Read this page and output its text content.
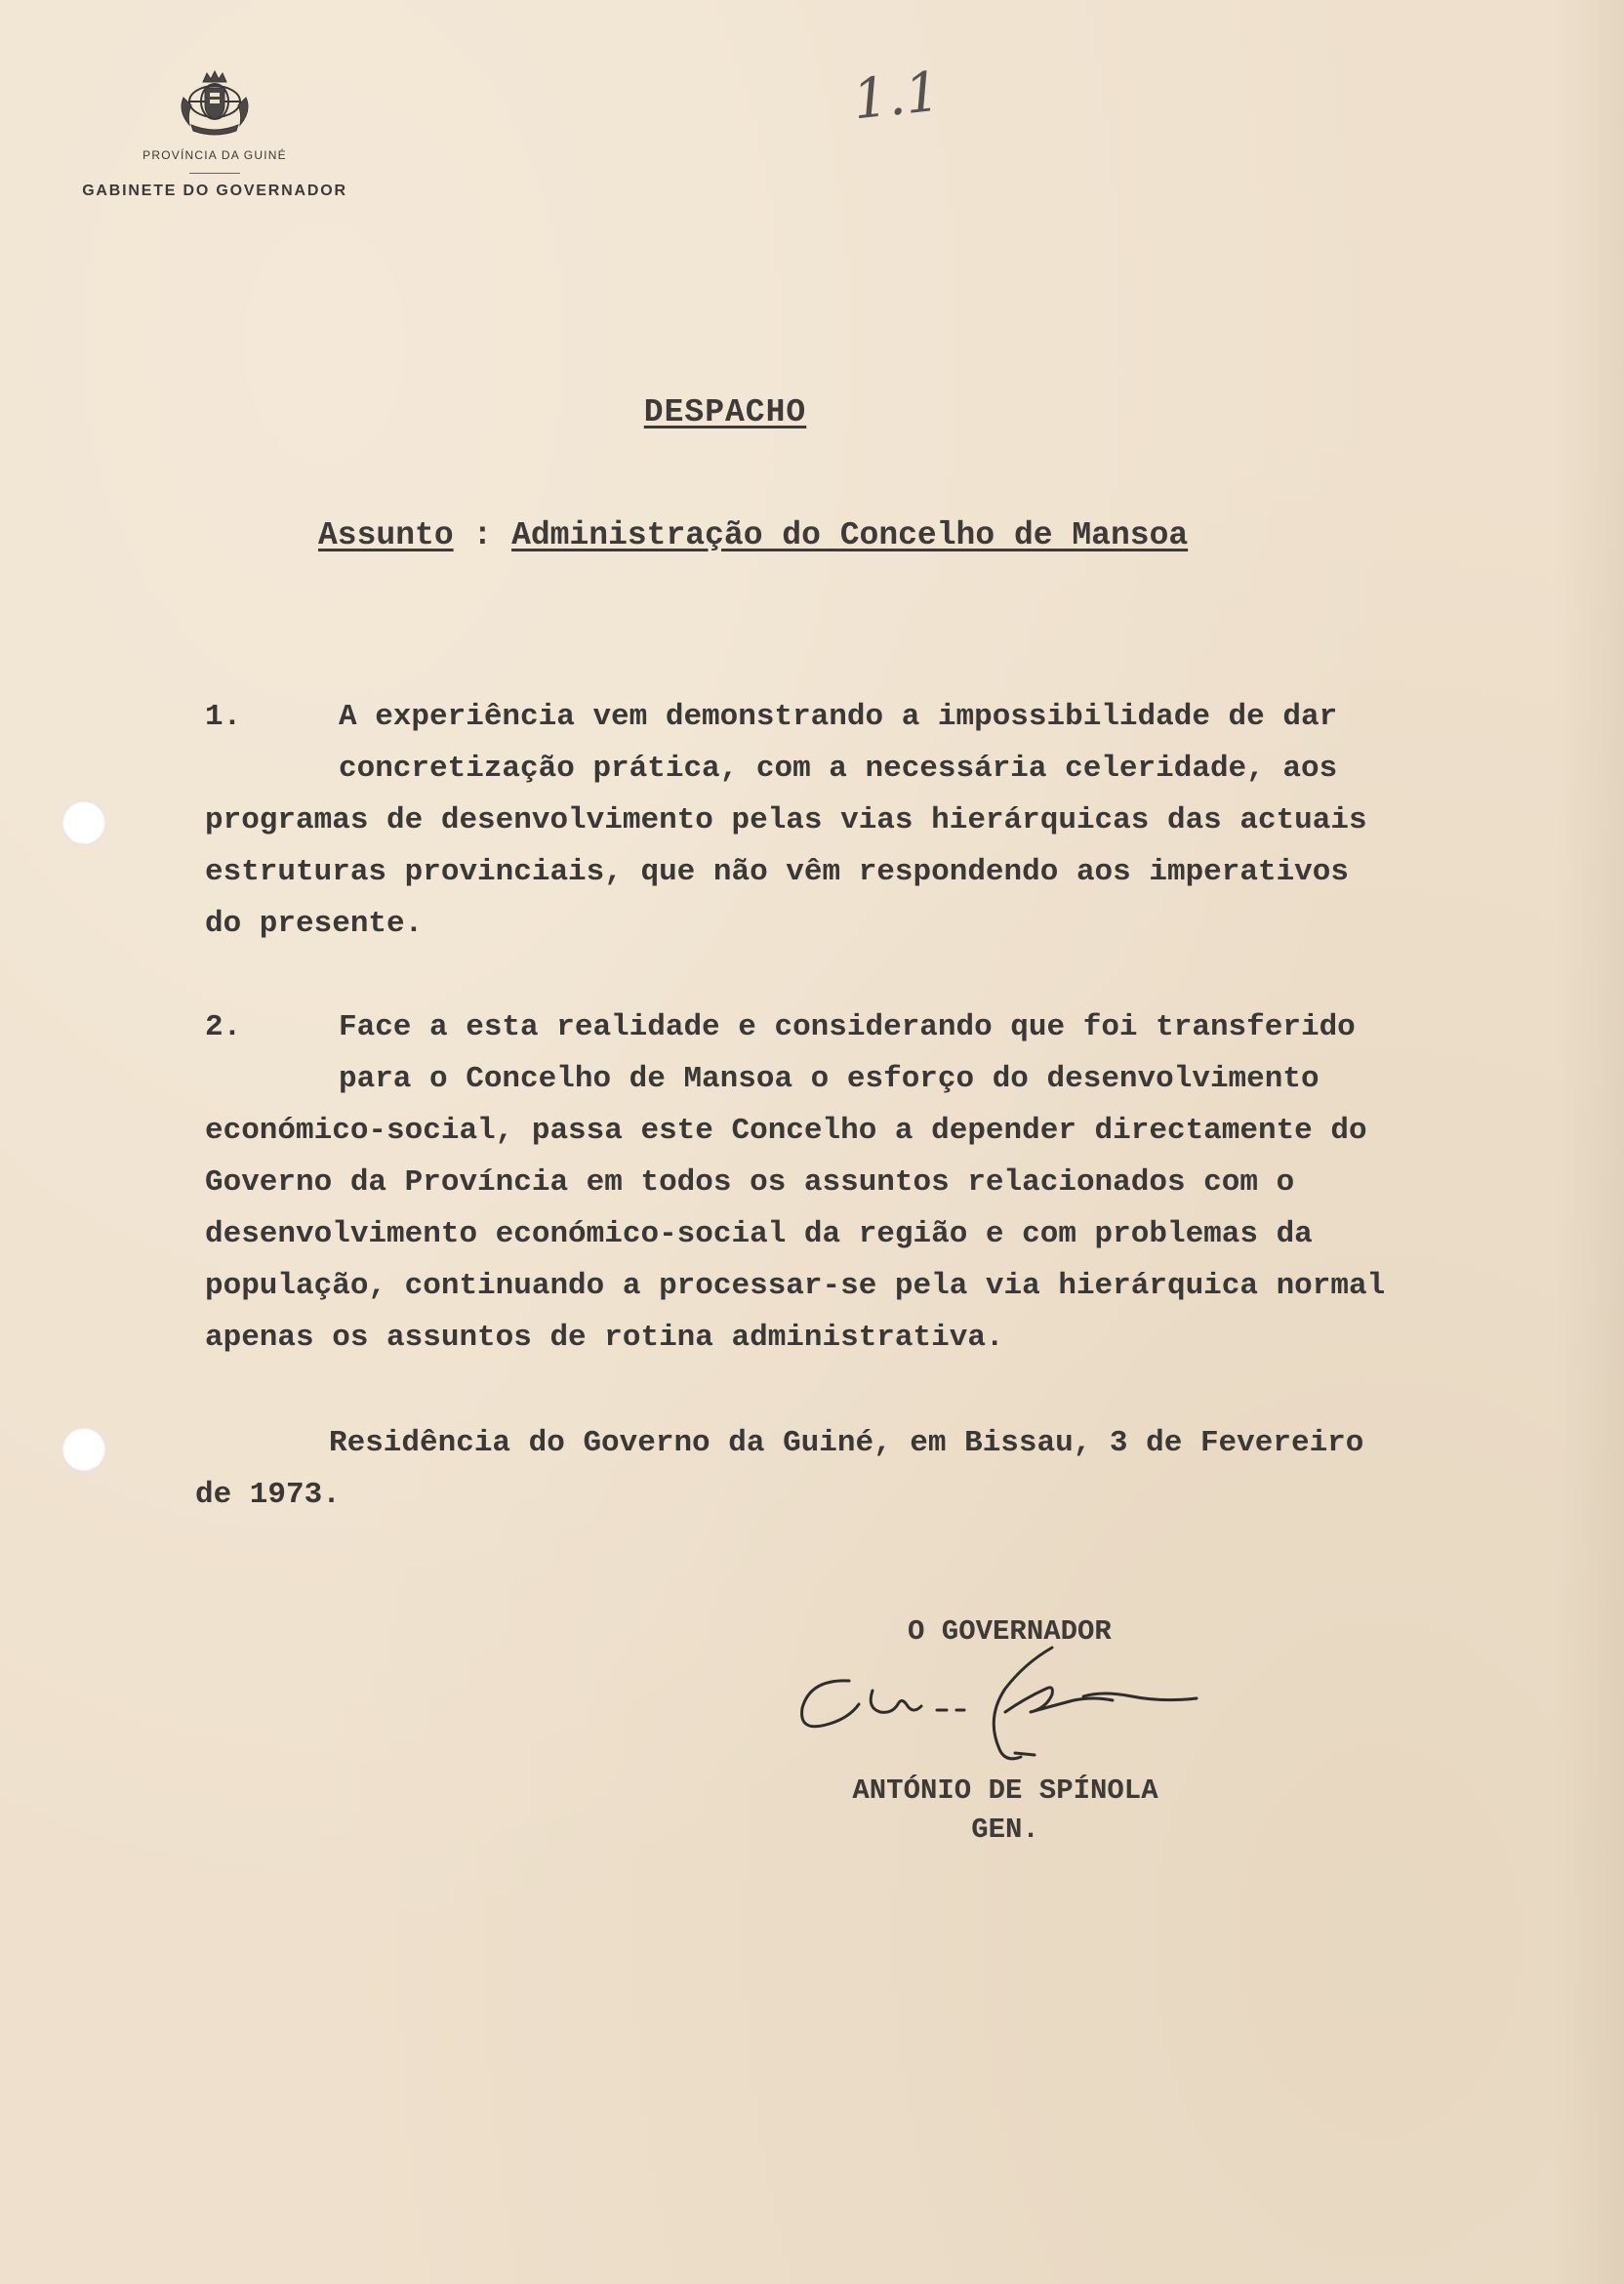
PROVÍNCIA DA GUINÉ
GABINETE DO GOVERNADOR
1.1
DESPACHO
Assunto : Administração do Concelho de Mansoa
1.	A experiência vem demonstrando a impossibilidade de dar
concretização prática, com a necessária celeridade, aos
programas de desenvolvimento pelas vias hierárquicas das actuais
estruturas provinciais, que não vêm respondendo aos imperativos
do presente.
2.	Face a esta realidade e considerando que foi transferido
para o Concelho de Mansoa o esforço do desenvolvimento
económico-social, passa este Concelho a depender directamente do
Governo da Província em todos os assuntos relacionados com o
desenvolvimento económico-social da região e com problemas da
população, continuando a processar-se pela via hierárquica normal
apenas os assuntos de rotina administrativa.
Residência do Governo da Guiné, em Bissau, 3 de Fevereiro
de 1973.
O GOVERNADOR
ANTÓNIO DE SPÍNOLA
GEN.
